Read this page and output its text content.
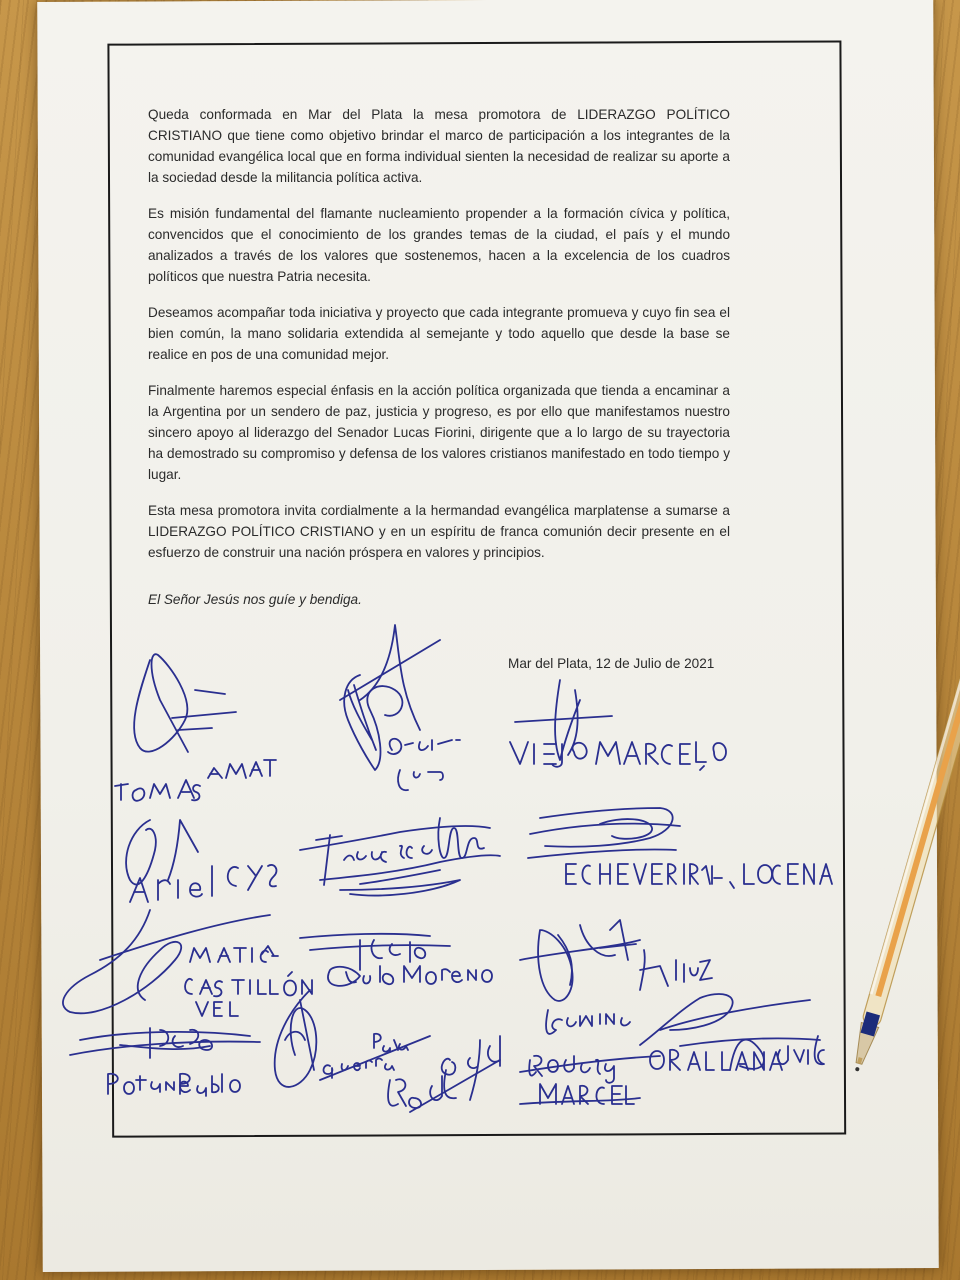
Queda conformada en Mar del Plata la mesa promotora de LIDERAZGO POLÍTICO CRISTIANO que tiene como objetivo brindar el marco de participación a los integrantes de la comunidad evangélica local que en forma individual sienten la necesidad de realizar su aporte a la sociedad desde la militancia política activa.

Es misión fundamental del flamante nucleamiento propender a la formación cívica y política, convencidos que el conocimiento de los grandes temas de la ciudad, el país y el mundo analizados a través de los valores que sostenemos, hacen a la excelencia de los cuadros políticos que nuestra Patria necesita.

Deseamos acompañar toda iniciativa y proyecto que cada integrante promueva y cuyo fin sea el bien común, la mano solidaria extendida al semejante y todo aquello que desde la base se realice en pos de una comunidad mejor.

Finalmente haremos especial énfasis en la acción política organizada que tienda a encaminar a la Argentina por un sendero de paz, justicia y progreso, es por ello que manifestamos nuestro sincero apoyo al liderazgo del Senador Lucas Fiorini, dirigente que a lo largo de su trayectoria ha demostrado su compromiso y defensa de los valores cristianos manifestado en todo tiempo y lugar.

Esta mesa promotora invita cordialmente a la hermandad evangélica marplatense a sumarse a LIDERAZGO POLÍTICO CRISTIANO y en un espíritu de franca comunión decir presente en el esfuerzo de construir una nación próspera en valores y principios.

El Señor Jesús nos guíe y bendiga.
Mar del Plata, 12 de Julio de 2021
